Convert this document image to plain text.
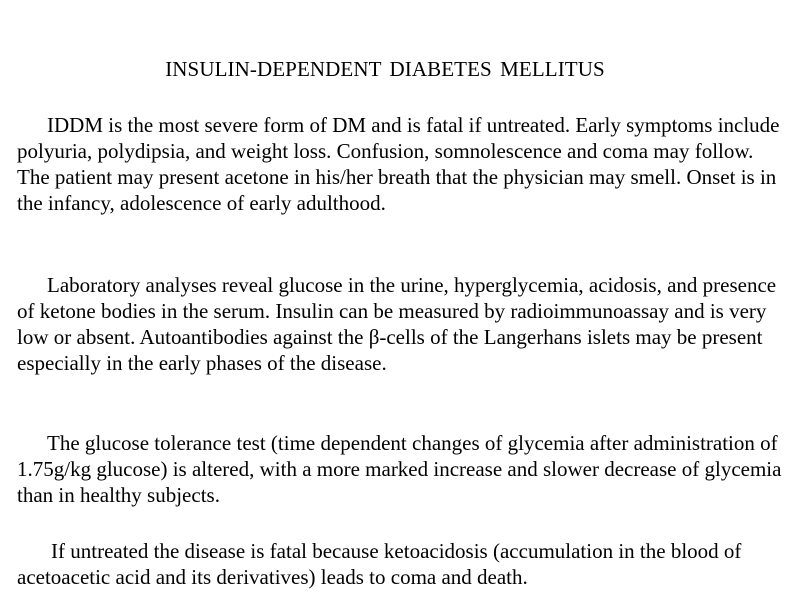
INSULIN-DEPENDENT DIABETES MELLITUS

IDDM is the most severe form of DM and is fatal if untreated. Early symptoms include polyuria, polydipsia, and weight loss. Confusion, somnolescence and coma may follow. The patient may present acetone in his/her breath that the physician may smell. Onset is in the infancy, adolescence of early adulthood.

Laboratory analyses reveal glucose in the urine, hyperglycemia, acidosis, and presence of ketone bodies in the serum. Insulin can be measured by radioimmunoassay and is very low or absent. Autoantibodies against the β-cells of the Langerhans islets may be present especially in the early phases of the disease.

The glucose tolerance test (time dependent changes of glycemia after administration of 1.75g/kg glucose) is altered, with a more marked increase and slower decrease of glycemia than in healthy subjects.

If untreated the disease is fatal because ketoacidosis (accumulation in the blood of acetoacetic acid and its derivatives) leads to coma and death.
